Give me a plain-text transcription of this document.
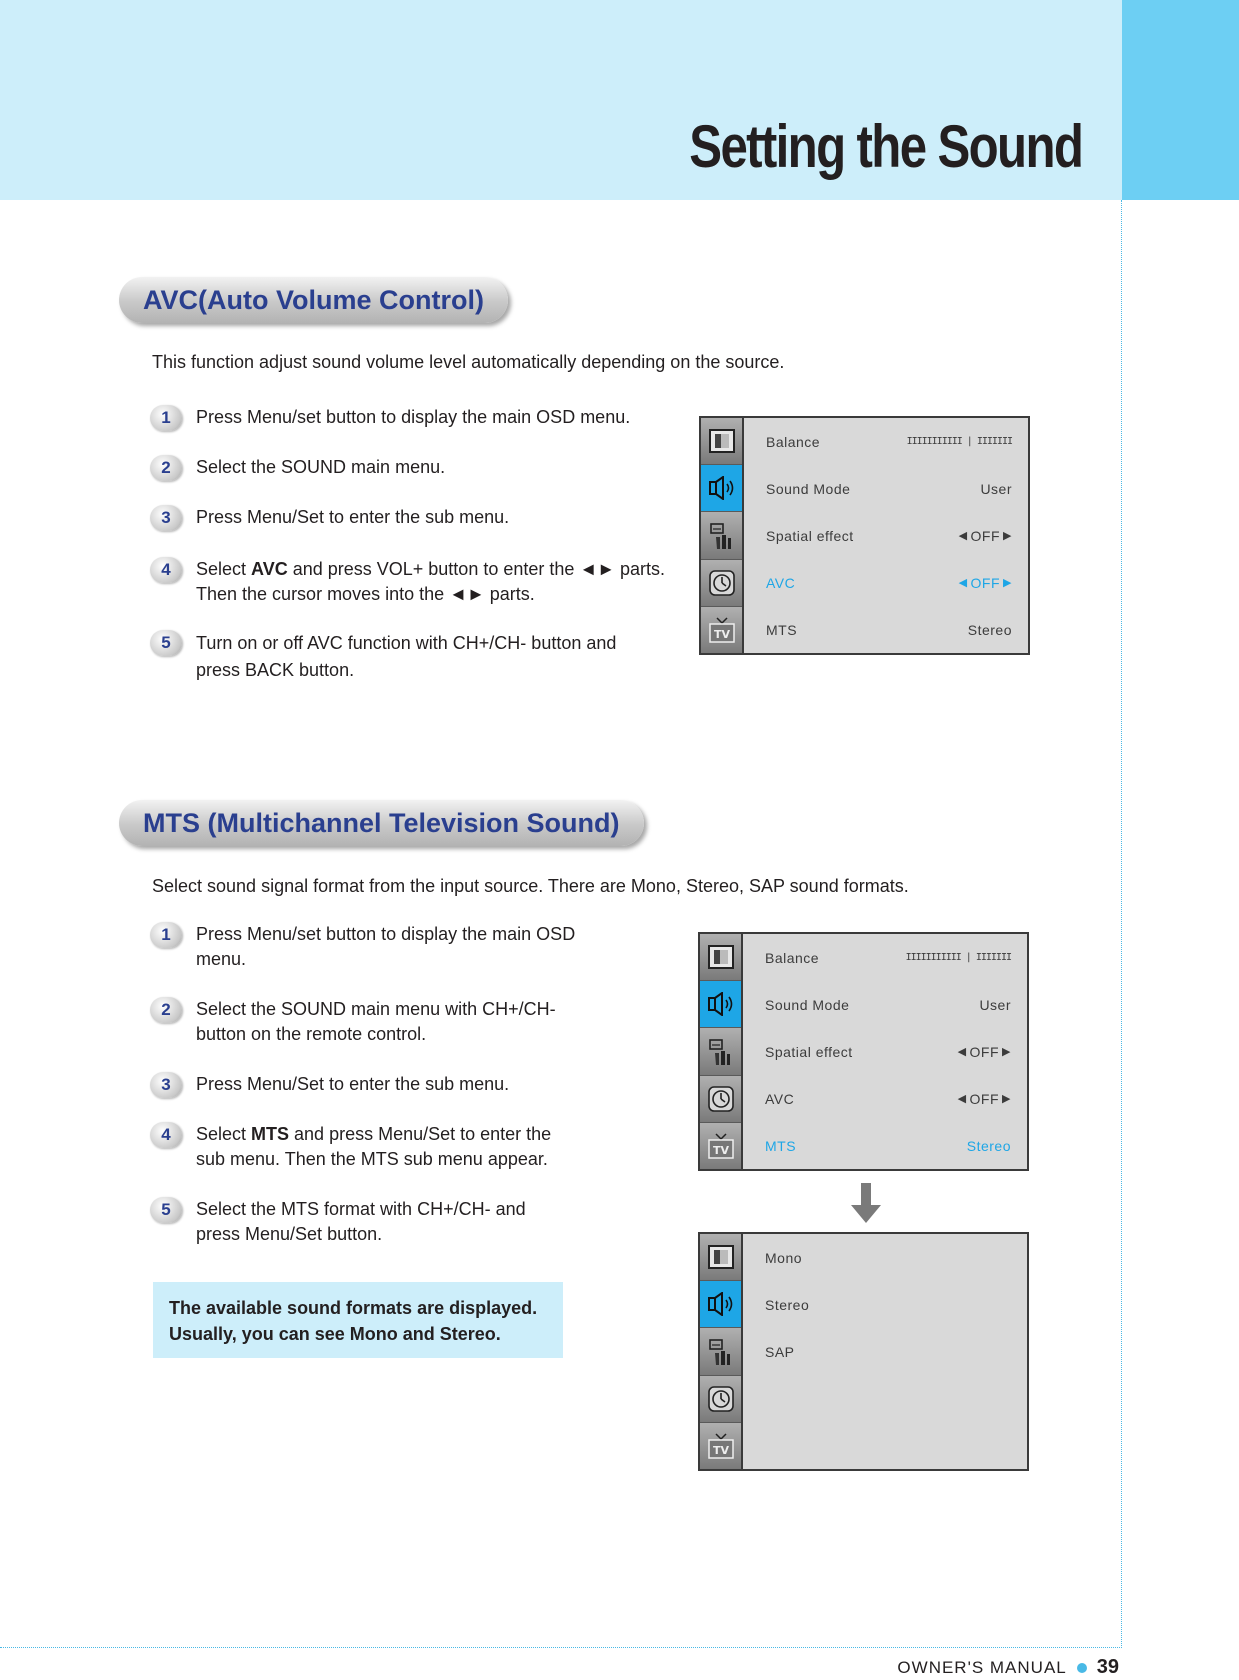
Setting the Sound
AVC(Auto Volume Control)
This function adjust sound volume level automatically depending on the source.
1	Press Menu/set button to display the main OSD menu.
2	Select the SOUND main menu.
3	Press Menu/Set to enter the sub menu.
4	Select AVC and press VOL+ button to enter the ◄► parts.
Then the cursor moves into the ◄► parts.
5	Turn on or off AVC function with CH+/CH- button and
press BACK button.
TV
Balance	IIIIIIIIIII | IIIIIII
Sound Mode	User
Spatial effect	◀ OFF ▶
AVC	◀ OFF ▶
MTS	Stereo
MTS (Multichannel Television Sound)
Select sound signal format from the input source. There are Mono, Stereo, SAP sound formats.
1	Press Menu/set button to display the main OSD
menu.
2	Select the SOUND main menu with CH+/CH-
button on the remote control.
3	Press Menu/Set to enter the sub menu.
4	Select MTS and press Menu/Set to enter the
sub menu. Then the MTS sub menu appear.
5	Select the MTS format with CH+/CH- and
press Menu/Set button.
The available sound formats are displayed.
Usually, you can see Mono and Stereo.
TV
Balance	IIIIIIIIIII | IIIIIII
Sound Mode	User
Spatial effect	◀ OFF ▶
AVC	◀ OFF ▶
MTS	Stereo
TV
Mono
Stereo
SAP
OWNER'S MANUAL 39
